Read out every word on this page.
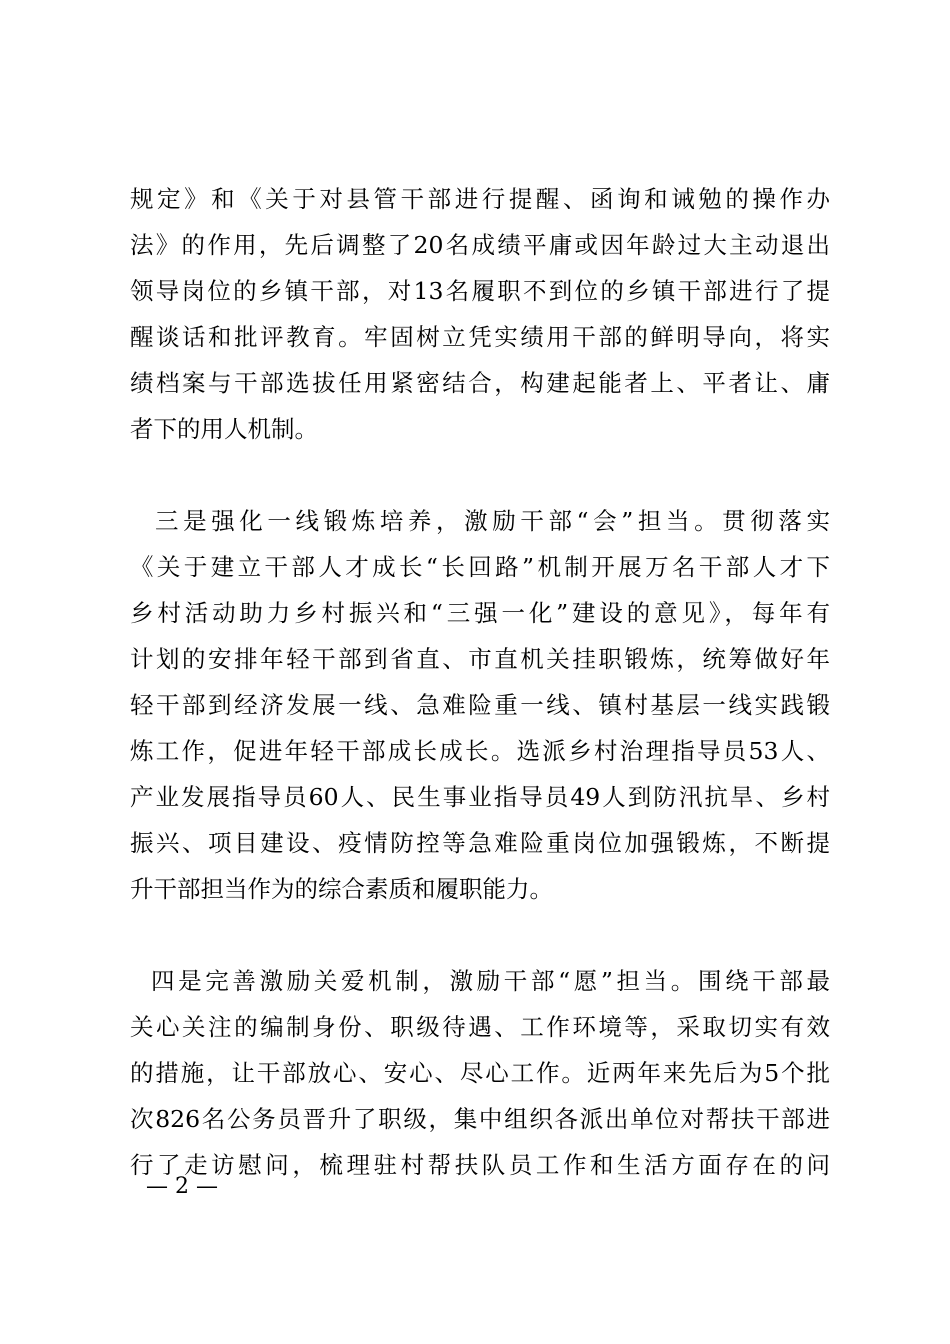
规定》和《关于对县管干部进行提醒、函询和诫勉的操作办
法》的作用，先后调整了20名成绩平庸或因年龄过大主动退出
领导岗位的乡镇干部，对13名履职不到位的乡镇干部进行了提
醒谈话和批评教育。牢固树立凭实绩用干部的鲜明导向，将实
绩档案与干部选拔任用紧密结合，构建起能者上、平者让、庸
者下的用人机制。
三是强化一线锻炼培养，激励干部“会”担当。贯彻落实
《关于建立干部人才成长“长回路”机制开展万名干部人才下
乡村活动助力乡村振兴和“三强一化”建设的意见》，每年有
计划的安排年轻干部到省直、市直机关挂职锻炼，统筹做好年
轻干部到经济发展一线、急难险重一线、镇村基层一线实践锻
炼工作，促进年轻干部成长成长。选派乡村治理指导员53人、
产业发展指导员60人、民生事业指导员49人到防汛抗旱、乡村
振兴、项目建设、疫情防控等急难险重岗位加强锻炼，不断提
升干部担当作为的综合素质和履职能力。
四是完善激励关爱机制，激励干部“愿”担当。围绕干部最
关心关注的编制身份、职级待遇、工作环境等，采取切实有效
的措施，让干部放心、安心、尽心工作。近两年来先后为5个批
次826名公务员晋升了职级，集中组织各派出单位对帮扶干部进
行了走访慰问，梳理驻村帮扶队员工作和生活方面存在的问
— 2 —
